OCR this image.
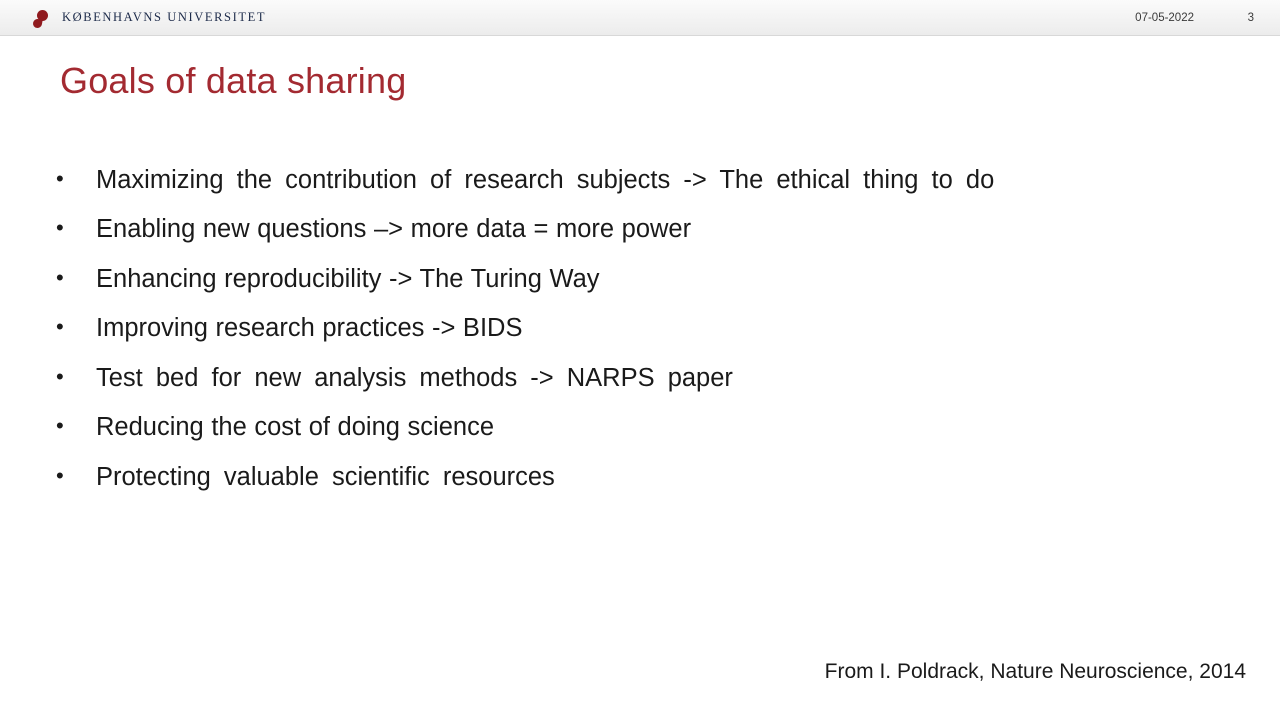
KØBENHAVNS UNIVERSITET	07-05-2022	3
Goals of data sharing
•	Maximizing the contribution of research subjects -> The ethical thing to do
•	Enabling new questions –> more data = more power
•	Enhancing reproducibility -> The Turing Way
•	Improving research practices -> BIDS
•	Test bed for new analysis methods -> NARPS paper
•	Reducing the cost of doing science
•	Protecting valuable scientific resources
From I. Poldrack, Nature Neuroscience, 2014
